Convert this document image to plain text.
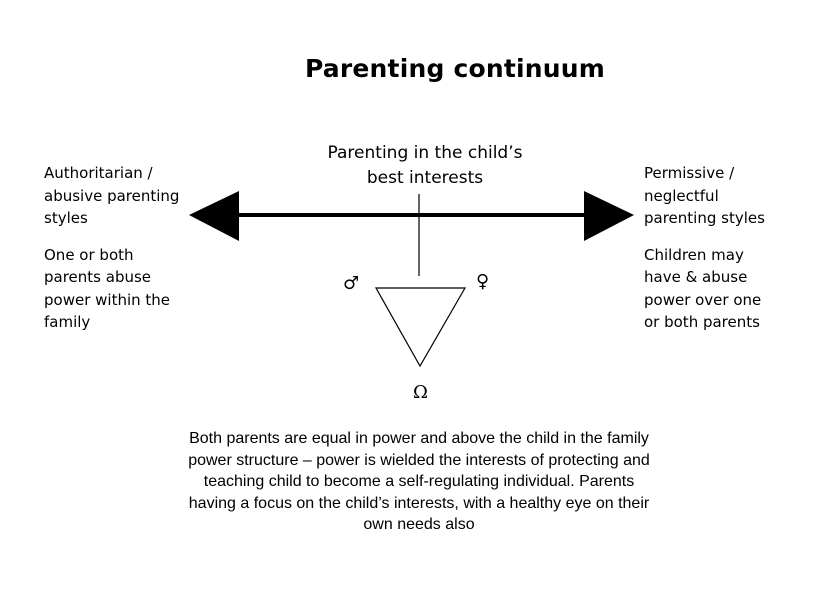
Parenting continuum
Parenting in the child’s
best interests

Authoritarian /
abusive parenting
styles

One or both
parents abuse
power within the
family

Permissive /
neglectful
parenting styles

Children may
have & abuse
power over one
or both parents

♂	♀
Ω
Both parents are equal in power and above the child in the family
power structure – power is wielded the interests of protecting and
teaching child to become a self-regulating individual. Parents
having a focus on the child’s interests, with a healthy eye on their
own needs also
